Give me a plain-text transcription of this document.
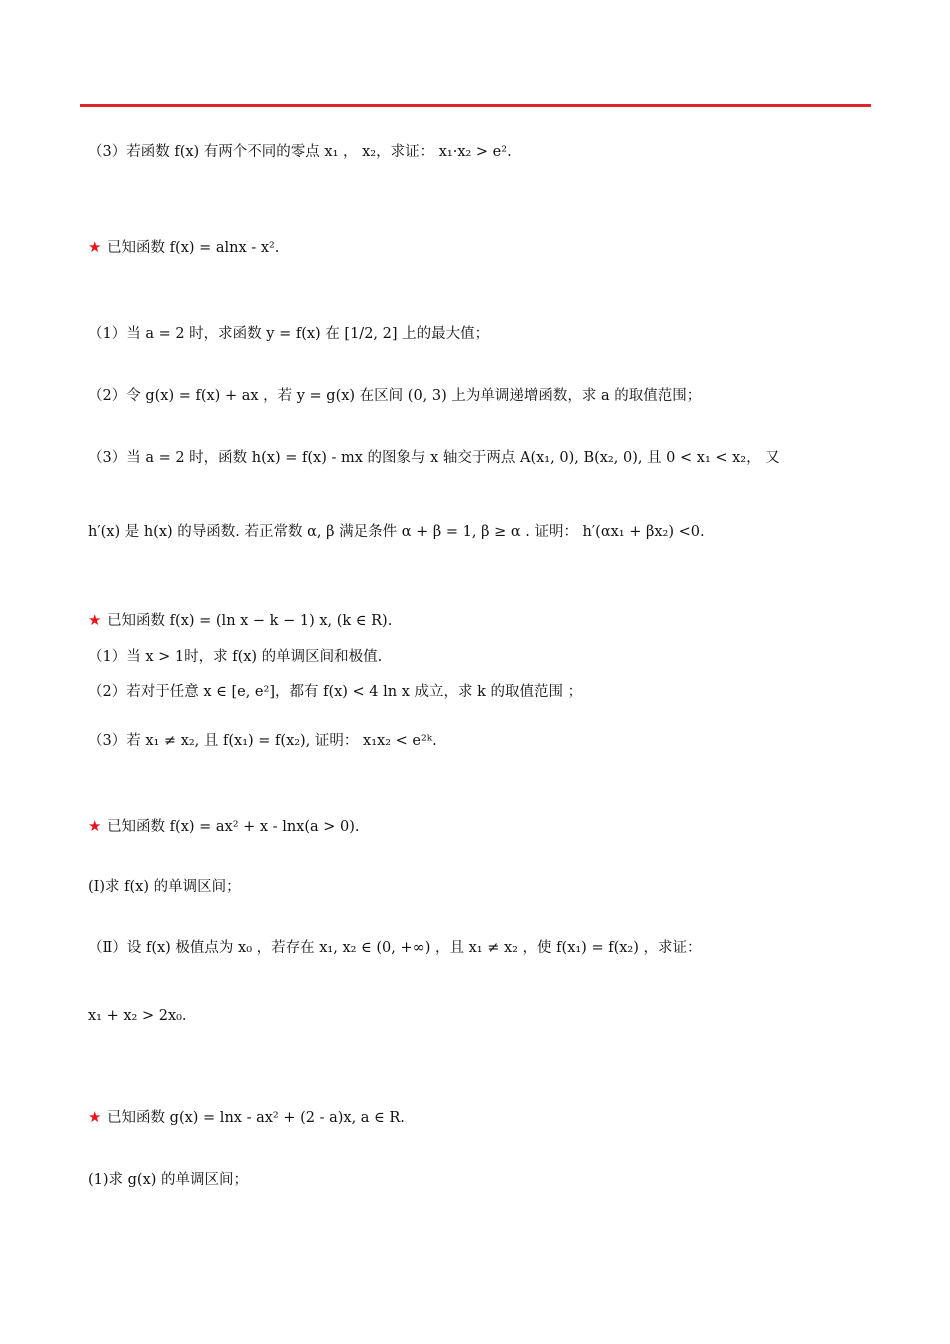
（3）若函数 f(x) 有两个不同的零点 x₁ ， x₂，求证： x₁·x₂ > e².
★ 已知函数 f(x) = alnx - x².
（1）当 a = 2 时，求函数 y = f(x) 在 [1/2, 2] 上的最大值；
（2）令 g(x) = f(x) + ax ，若 y = g(x) 在区间 (0, 3) 上为单调递增函数，求 a 的取值范围；
（3）当 a = 2 时，函数 h(x) = f(x) - mx 的图象与 x 轴交于两点 A(x₁, 0), B(x₂, 0), 且 0 < x₁ < x₂， 又
h′(x) 是 h(x) 的导函数. 若正常数 α, β 满足条件 α + β = 1, β ≥ α . 证明： h′(αx₁ + βx₂) <0.
★ 已知函数 f(x) = (ln x − k − 1) x, (k ∈ R).
（1）当 x > 1时，求 f(x) 的单调区间和极值.
（2）若对于任意 x ∈ [e, e²]，都有 f(x) < 4 ln x 成立，求 k 的取值范围 ；
（3）若 x₁ ≠ x₂, 且 f(x₁) = f(x₂), 证明： x₁x₂ < e²ᵏ.
★ 已知函数 f(x) = ax² + x - lnx(a > 0).
(Ⅰ)求 f(x) 的单调区间；
（Ⅱ）设 f(x) 极值点为 x₀ ，若存在 x₁, x₂ ∈ (0, +∞) ，且 x₁ ≠ x₂ ，使 f(x₁) = f(x₂) ，求证：
x₁ + x₂ > 2x₀.
★ 已知函数 g(x) = lnx - ax² + (2 - a)x, a ∈ R.
(1)求 g(x) 的单调区间；
